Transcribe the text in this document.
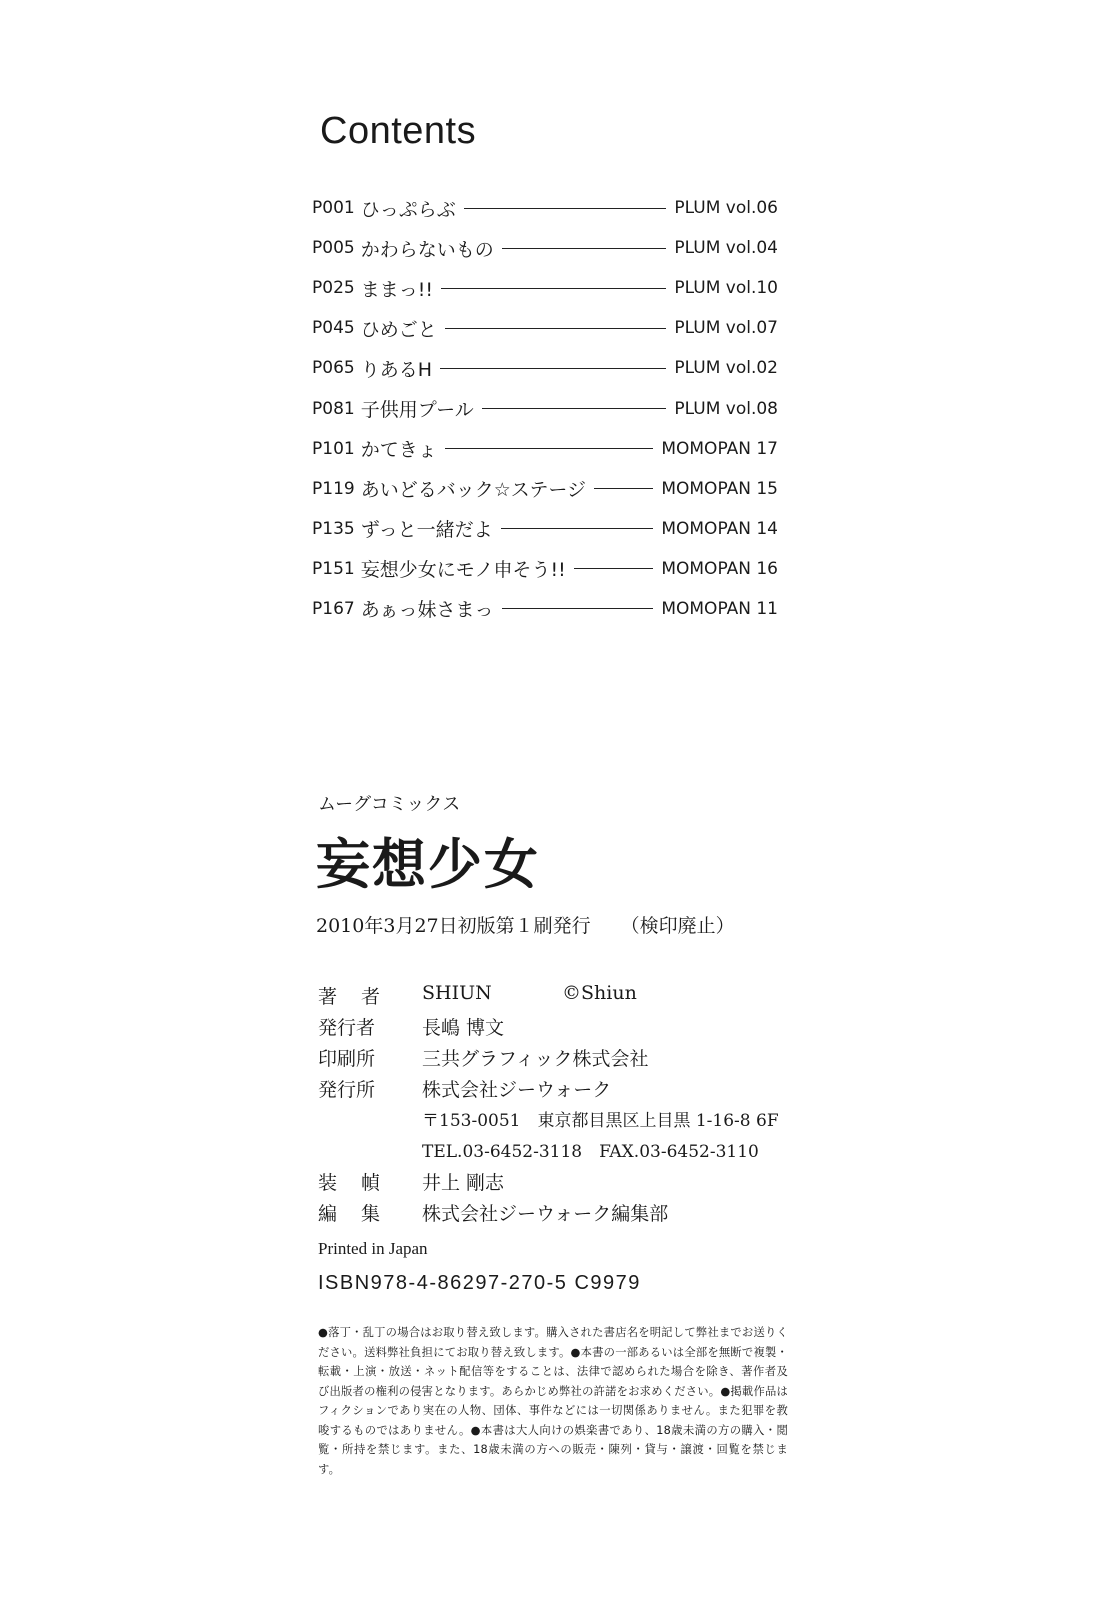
Contents
P001 ひっぷらぶ	PLUM vol.06
P005 かわらないもの	PLUM vol.04
P025 ままっ!!	PLUM vol.10
P045 ひめごと	PLUM vol.07
P065 りあるH	PLUM vol.02
P081 子供用プール	PLUM vol.08
P101 かてきょ	MOMOPAN 17
P119 あいどるバック☆ステージ	MOMOPAN 15
P135 ずっと一緒だよ	MOMOPAN 14
P151 妄想少女にモノ申そう!!	MOMOPAN 16
P167 あぁっ妹さまっ	MOMOPAN 11
ムーグコミックス
妄想少女
2010年3月27日初版第１刷発行 （検印廃止）
著者 SHIUN	©Shiun
発行者 長嶋 博文
印刷所 三共グラフィック株式会社
発行所 株式会社ジーウォーク
〒153-0051　東京都目黒区上目黒 1-16-8 6F
TEL.03-6452-3118　FAX.03-6452-3110
装幀 井上 剛志
編集 株式会社ジーウォーク編集部
Printed in Japan
ISBN978-4-86297-270-5 C9979
●落丁・乱丁の場合はお取り替え致します。購入された書店名を明記して弊社までお送りください。送料弊社負担にてお取り替え致します。●本書の一部あるいは全部を無断で複製・転載・上演・放送・ネット配信等をすることは、法律で認められた場合を除き、著作者及び出版者の権利の侵害となります。あらかじめ弊社の許諾をお求めください。●掲載作品はフィクションであり実在の人物、団体、事件などには一切関係ありません。また犯罪を教唆するものではありません。●本書は大人向けの娯楽書であり、18歳未満の方の購入・閲覧・所持を禁じます。また、18歳未満の方への販売・陳列・貸与・譲渡・回覧を禁じます。
